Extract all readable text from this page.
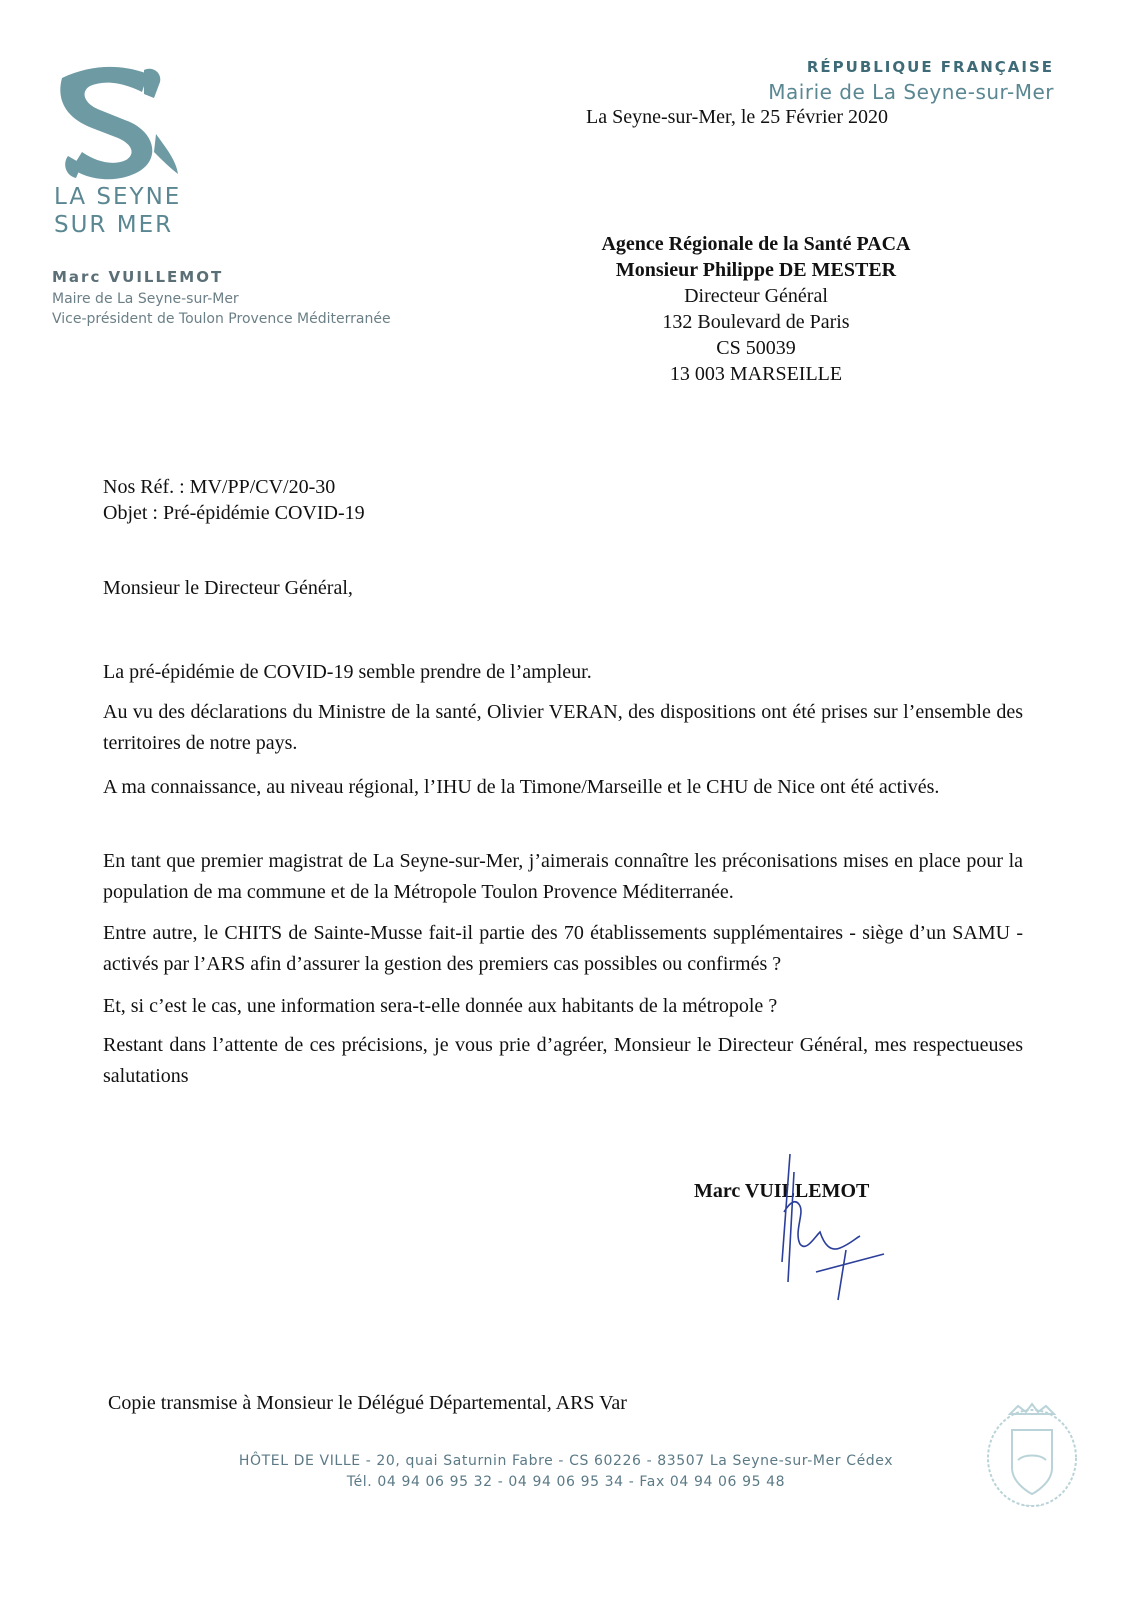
LA SEYNE
SUR MER
Marc VUILLEMOT
Maire de La Seyne-sur-Mer
Vice-président de Toulon Provence Méditerranée
RÉPUBLIQUE FRANÇAISE
Mairie de La Seyne-sur-Mer
La Seyne-sur-Mer, le 25 Février 2020
Agence Régionale de la Santé PACA
Monsieur Philippe DE MESTER
Directeur Général
132 Boulevard de Paris
CS 50039
13 003 MARSEILLE
Nos Réf. : MV/PP/CV/20-30
Objet : Pré-épidémie COVID-19
Monsieur le Directeur Général,
La pré-épidémie de COVID-19 semble prendre de l’ampleur.
Au vu des déclarations du Ministre de la santé, Olivier VERAN, des dispositions ont été prises sur l’ensemble des territoires de notre pays.
A ma connaissance, au niveau régional, l’IHU de la Timone/Marseille et le CHU de Nice ont été activés.
En tant que premier magistrat de La Seyne-sur-Mer, j’aimerais connaître les préconisations mises en place pour la population de ma commune et de la Métropole Toulon Provence Méditerranée.
Entre autre, le CHITS de Sainte-Musse fait-il partie des 70 établissements supplémentaires - siège d’un SAMU - activés par l’ARS afin d’assurer la gestion des premiers cas possibles ou confirmés ?
Et, si c’est le cas, une information sera-t-elle donnée aux habitants de la métropole ?
Restant dans l’attente de ces précisions, je vous prie d’agréer, Monsieur le Directeur Général, mes respectueuses salutations
Marc VUILLEMOT
Copie transmise à Monsieur le Délégué Départemental, ARS Var
~~~
HÔTEL DE VILLE - 20, quai Saturnin Fabre - CS 60226 - 83507 La Seyne-sur-Mer Cédex
Tél. 04 94 06 95 32 - 04 94 06 95 34 - Fax 04 94 06 95 48
